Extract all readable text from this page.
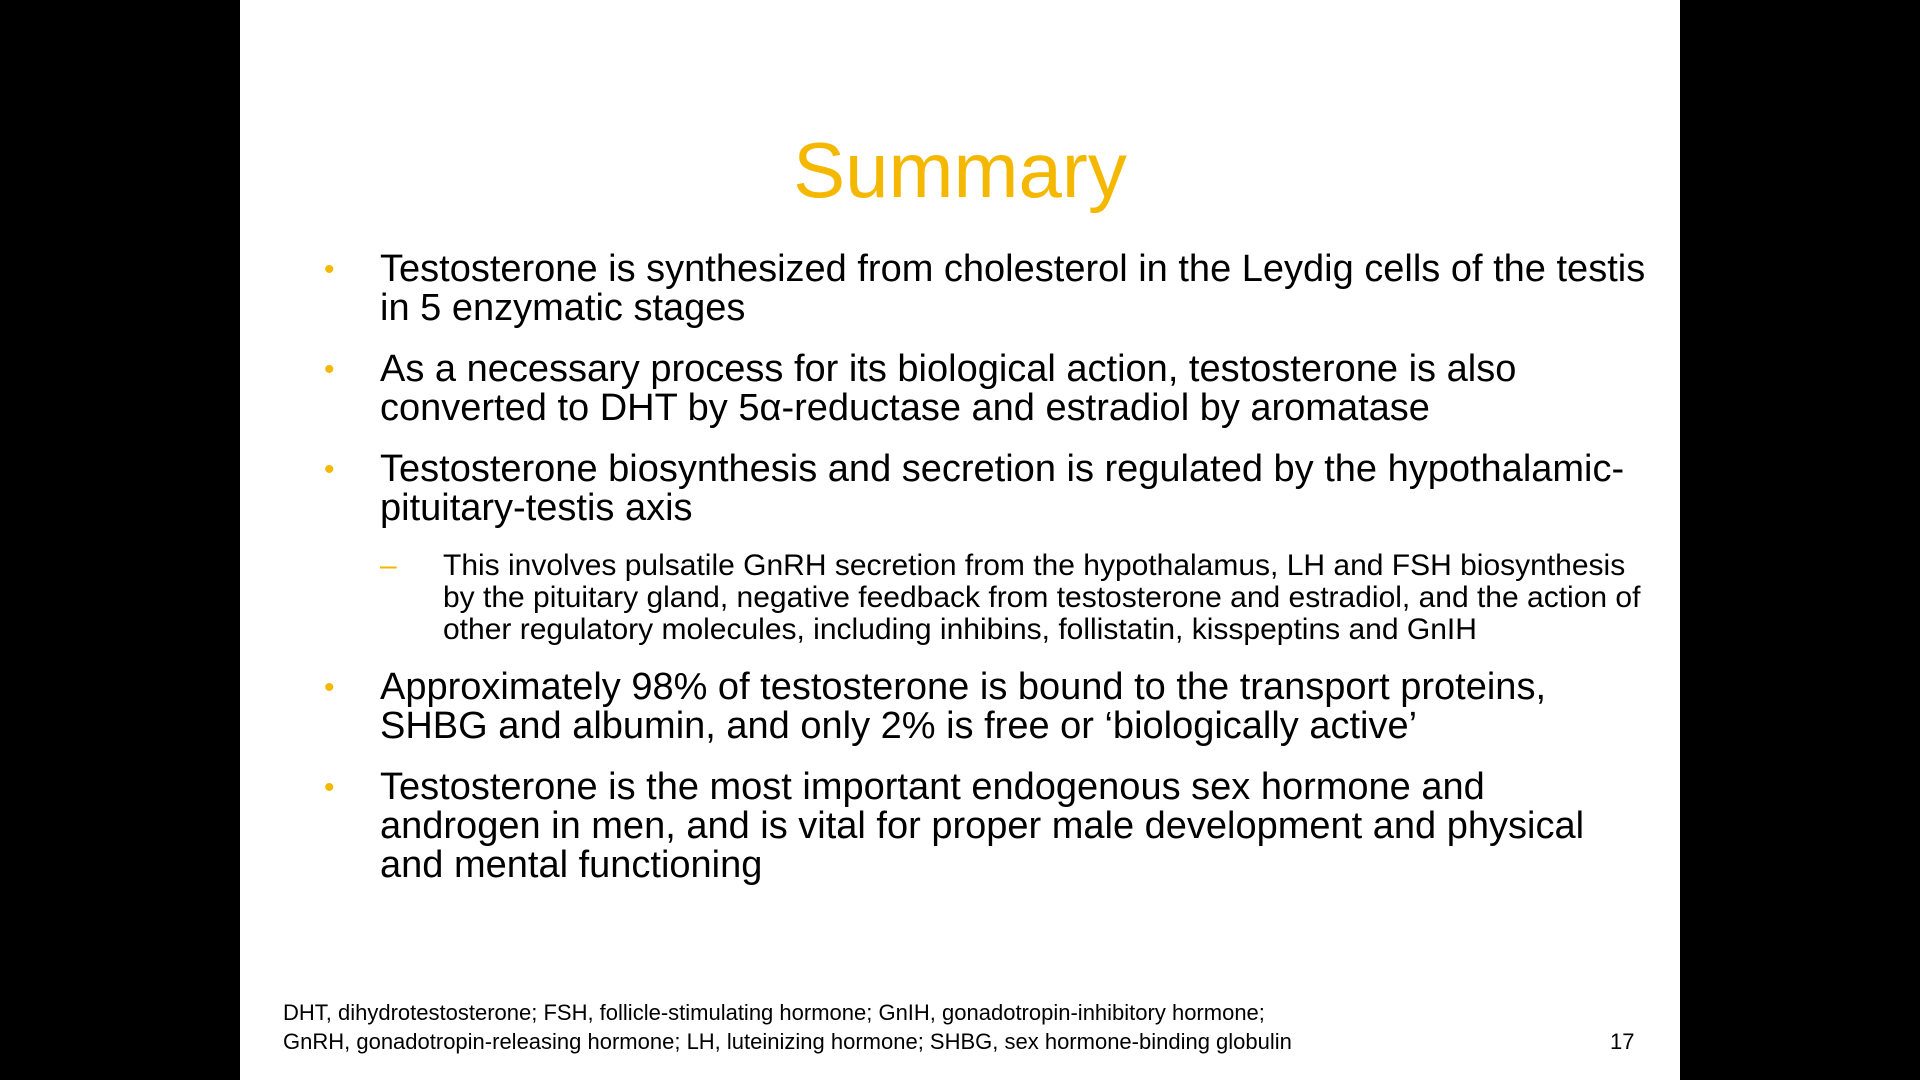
Summary
• Testosterone is synthesized from cholesterol in the Leydig cells of the testis in 5 enzymatic stages
• As a necessary process for its biological action, testosterone is also converted to DHT by 5α-reductase and estradiol by aromatase
• Testosterone biosynthesis and secretion is regulated by the hypothalamic-pituitary-testis axis
– This involves pulsatile GnRH secretion from the hypothalamus, LH and FSH biosynthesis by the pituitary gland, negative feedback from testosterone and estradiol, and the action of other regulatory molecules, including inhibins, follistatin, kisspeptins and GnIH
• Approximately 98% of testosterone is bound to the transport proteins, SHBG and albumin, and only 2% is free or ‘biologically active’
• Testosterone is the most important endogenous sex hormone and androgen in men, and is vital for proper male development and physical and mental functioning
DHT, dihydrotestosterone; FSH, follicle-stimulating hormone; GnIH, gonadotropin-inhibitory hormone;
GnRH, gonadotropin-releasing hormone; LH, luteinizing hormone; SHBG, sex hormone-binding globulin	17
